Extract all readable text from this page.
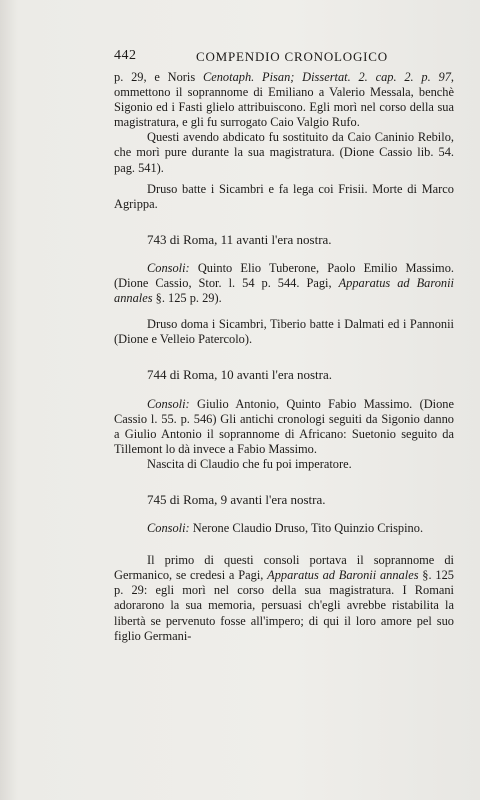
442	COMPENDIO CRONOLOGICO

p. 29, e Noris Cenotaph. Pisan; Dissertat. 2. cap. 2. p. 97, ommettono il soprannome di Emiliano a Valerio Messala, benchè Sigonio ed i Fasti glielo attribuiscono. Egli morì nel corso della sua magistratura, e gli fu surrogato Caio Valgio Rufo.

Questi avendo abdicato fu sostituito da Caio Caninio Rebilo, che morì pure durante la sua magistratura. (Dione Cassio lib. 54. pag. 541).

Druso batte i Sicambri e fa lega coi Frisii. Morte di Marco Agrippa.

743 di Roma, 11 avanti l'era nostra.

Consoli: Quinto Elio Tuberone, Paolo Emilio Massimo. (Dione Cassio, Stor. l. 54 p. 544. Pagi, Apparatus ad Baronii annales §. 125 p. 29).

Druso doma i Sicambri, Tiberio batte i Dalmati ed i Pannonii (Dione e Velleio Patercolo).

744 di Roma, 10 avanti l'era nostra.

Consoli: Giulio Antonio, Quinto Fabio Massimo. (Dione Cassio l. 55. p. 546) Gli antichi cronologi seguiti da Sigonio danno a Giulio Antonio il soprannome di Africano: Suetonio seguito da Tillemont lo dà invece a Fabio Massimo.

Nascita di Claudio che fu poi imperatore.

745 di Roma, 9 avanti l'era nostra.

Consoli: Nerone Claudio Druso, Tito Quinzio Crispino.

Il primo di questi consoli portava il soprannome di Germanico, se credesi a Pagi, Apparatus ad Baronii annales §. 125 p. 29: egli morì nel corso della sua magistratura. I Romani adorarono la sua memoria, persuasi ch'egli avrebbe ristabilita la libertà se pervenuto fosse all'impero; di qui il loro amore pel suo figlio Germani-
